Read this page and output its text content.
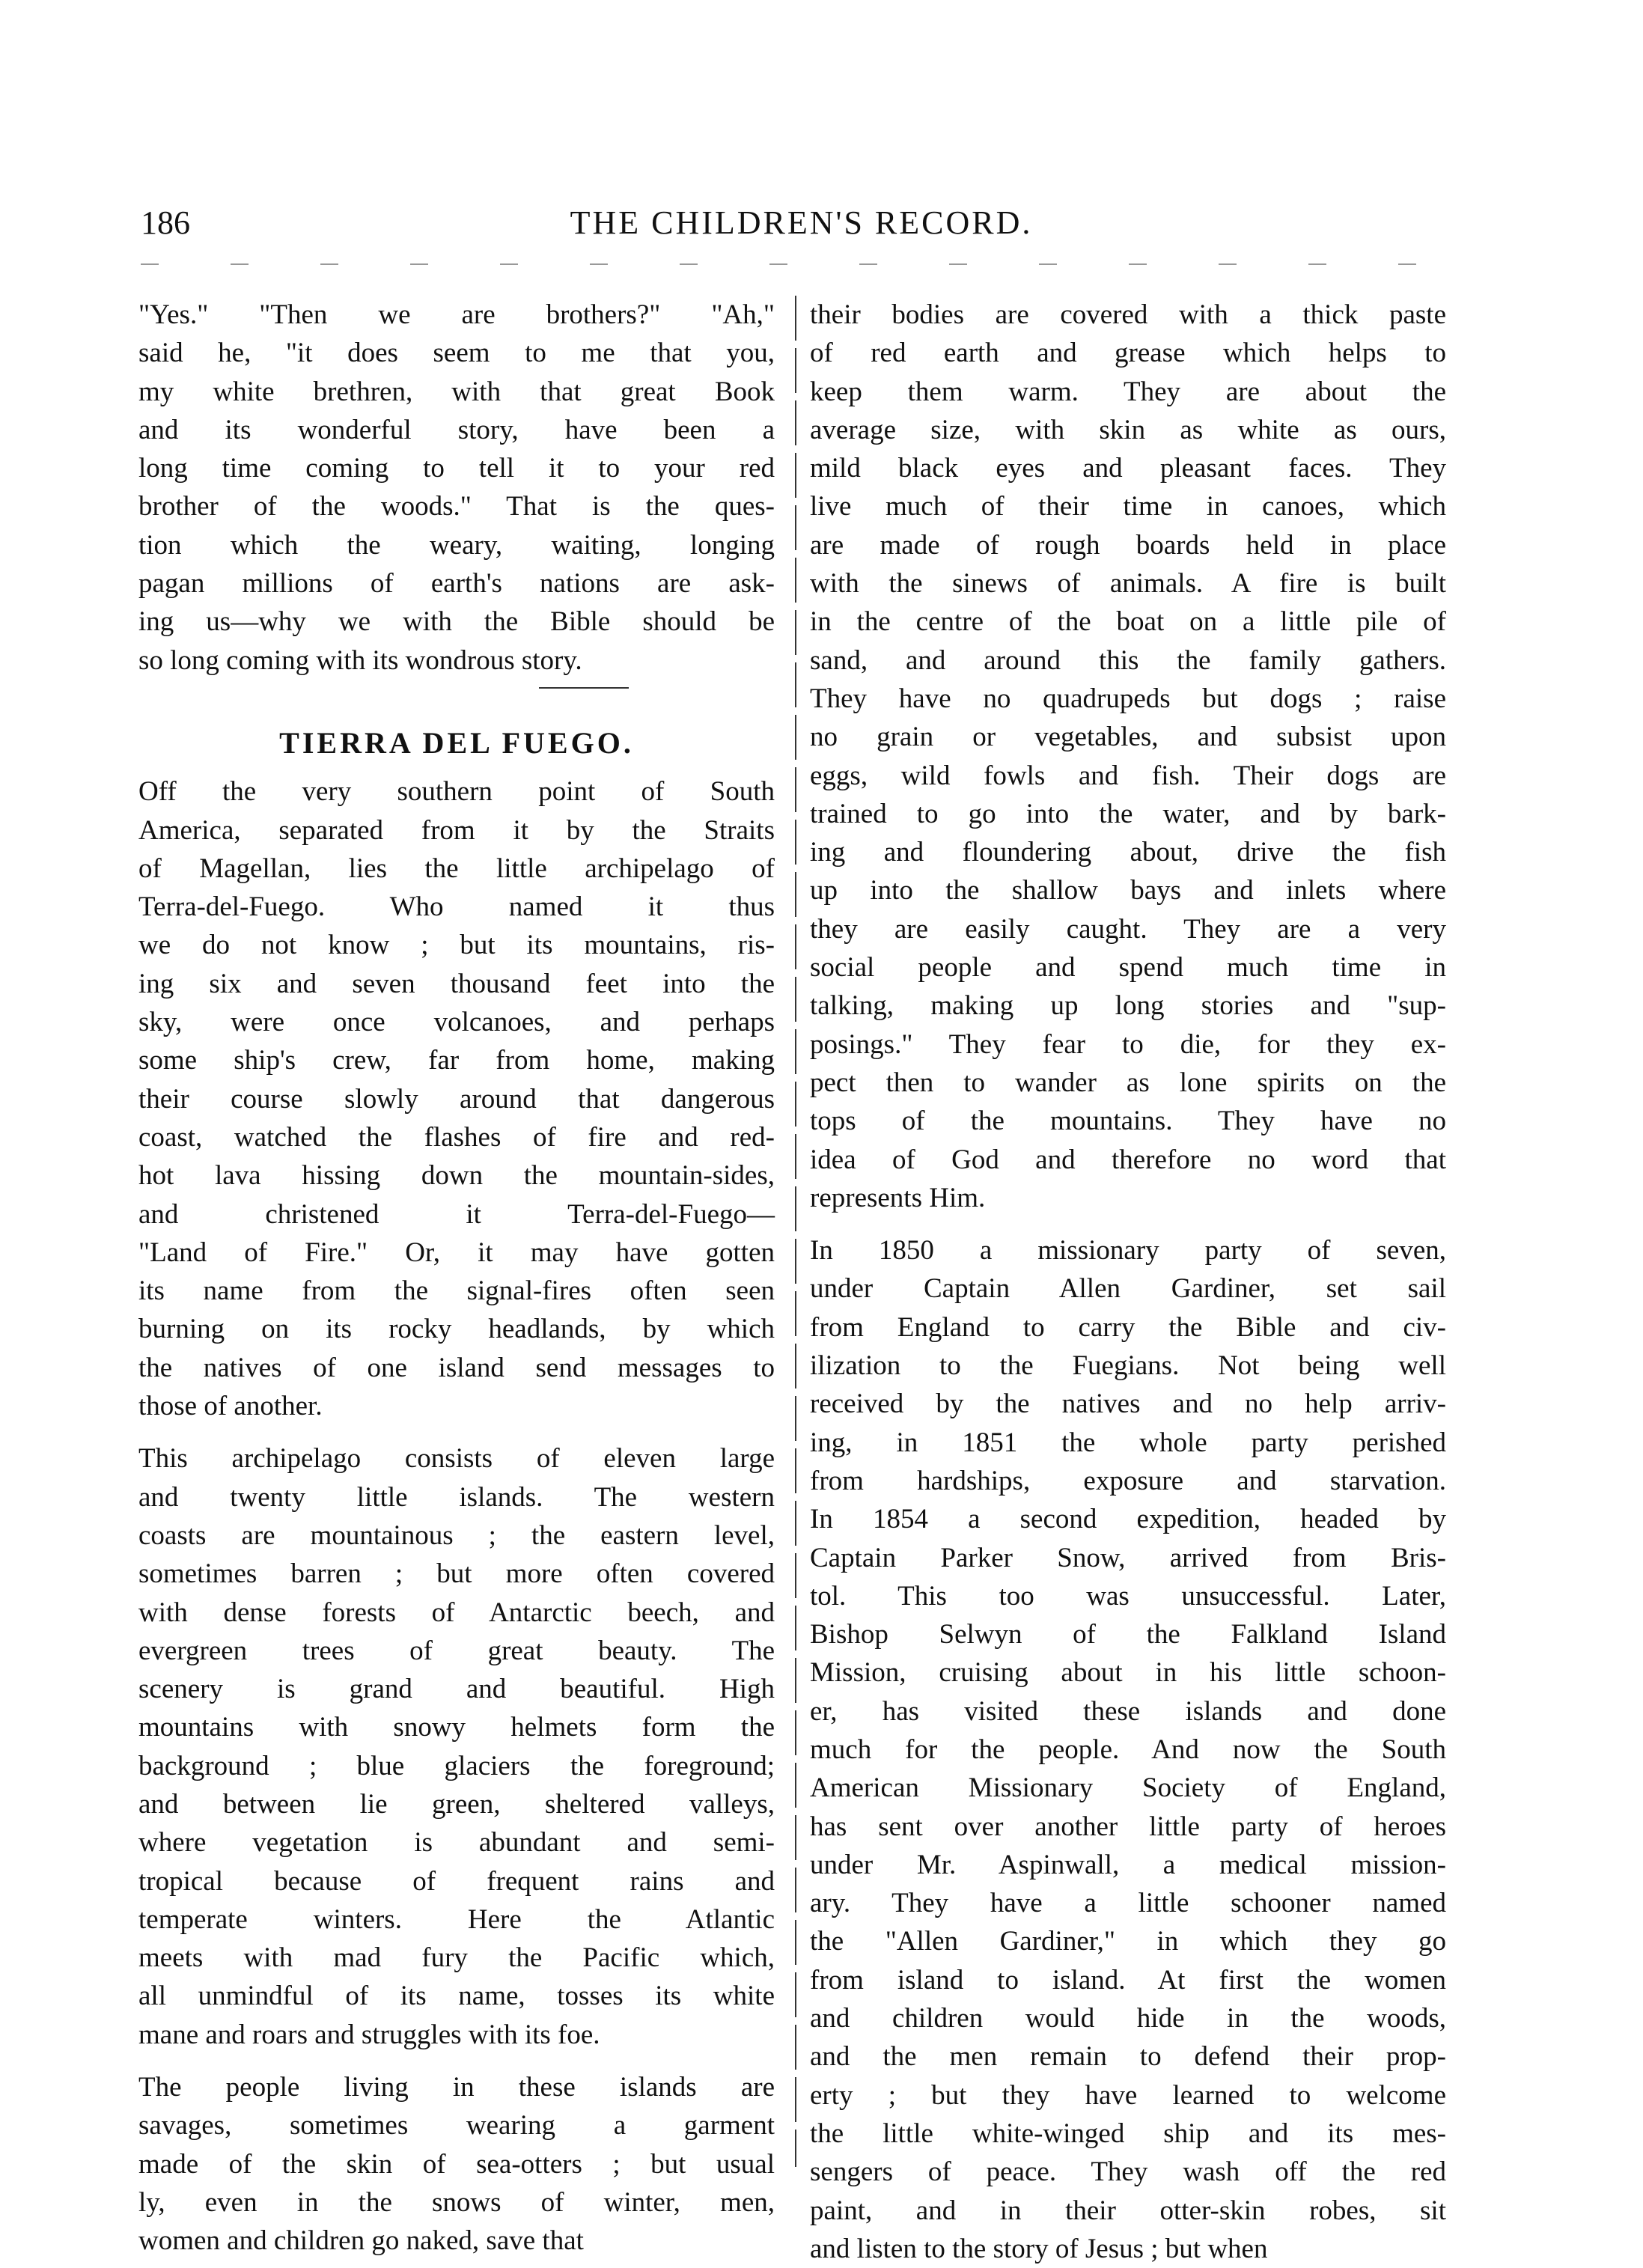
186	THE CHILDREN'S RECORD.

"Yes." "Then we are brothers?" "Ah,"
said he, "it does seem to me that you,
my white brethren, with that great Book
and its wonderful story, have been a
long time coming to tell it to your red
brother of the woods." That is the ques-
tion which the weary, waiting, longing
pagan millions of earth's nations are ask-
ing us—why we with the Bible should be
so long coming with its wondrous story.

TIERRA DEL FUEGO.

Off the very southern point of South
America, separated from it by the Straits
of Magellan, lies the little archipelago of
Terra-del-Fuego. Who named it thus
we do not know ; but its mountains, ris-
ing six and seven thousand feet into the
sky, were once volcanoes, and perhaps
some ship's crew, far from home, making
their course slowly around that dangerous
coast, watched the flashes of fire and red-
hot lava hissing down the mountain-sides,
and christened it Terra-del-Fuego—
"Land of Fire." Or, it may have gotten
its name from the signal-fires often seen
burning on its rocky headlands, by which
the natives of one island send messages to
those of another.

This archipelago consists of eleven large
and twenty little islands. The western
coasts are mountainous ; the eastern level,
sometimes barren ; but more often covered
with dense forests of Antarctic beech, and
evergreen trees of great beauty. The
scenery is grand and beautiful. High
mountains with snowy helmets form the
background ; blue glaciers the foreground;
and between lie green, sheltered valleys,
where vegetation is abundant and semi-
tropical because of frequent rains and
temperate winters. Here the Atlantic
meets with mad fury the Pacific which,
all unmindful of its name, tosses its white
mane and roars and struggles with its foe.

The people living in these islands are
savages, sometimes wearing a garment
made of the skin of sea-otters ; but usual
ly, even in the snows of winter, men,
women and children go naked, save that

their bodies are covered with a thick paste
of red earth and grease which helps to
keep them warm. They are about the
average size, with skin as white as ours,
mild black eyes and pleasant faces. They
live much of their time in canoes, which
are made of rough boards held in place
with the sinews of animals. A fire is built
in the centre of the boat on a little pile of
sand, and around this the family gathers.
They have no quadrupeds but dogs ; raise
no grain or vegetables, and subsist upon
eggs, wild fowls and fish. Their dogs are
trained to go into the water, and by bark-
ing and floundering about, drive the fish
up into the shallow bays and inlets where
they are easily caught. They are a very
social people and spend much time in
talking, making up long stories and "sup-
posings." They fear to die, for they ex-
pect then to wander as lone spirits on the
tops of the mountains. They have no
idea of God and therefore no word that
represents Him.

In 1850 a missionary party of seven,
under Captain Allen Gardiner, set sail
from England to carry the Bible and civ-
ilization to the Fuegians. Not being well
received by the natives and no help arriv-
ing, in 1851 the whole party perished
from hardships, exposure and starvation.
In 1854 a second expedition, headed by
Captain Parker Snow, arrived from Bris-
tol. This too was unsuccessful. Later,
Bishop Selwyn of the Falkland Island
Mission, cruising about in his little schoon-
er, has visited these islands and done
much for the people. And now the South
American Missionary Society of England,
has sent over another little party of heroes
under Mr. Aspinwall, a medical mission-
ary. They have a little schooner named
the "Allen Gardiner," in which they go
from island to island. At first the women
and children would hide in the woods,
and the men remain to defend their prop-
erty ; but they have learned to welcome
the little white-winged ship and its mes-
sengers of peace. They wash off the red
paint, and in their otter-skin robes, sit
and listen to the story of Jesus ; but when
